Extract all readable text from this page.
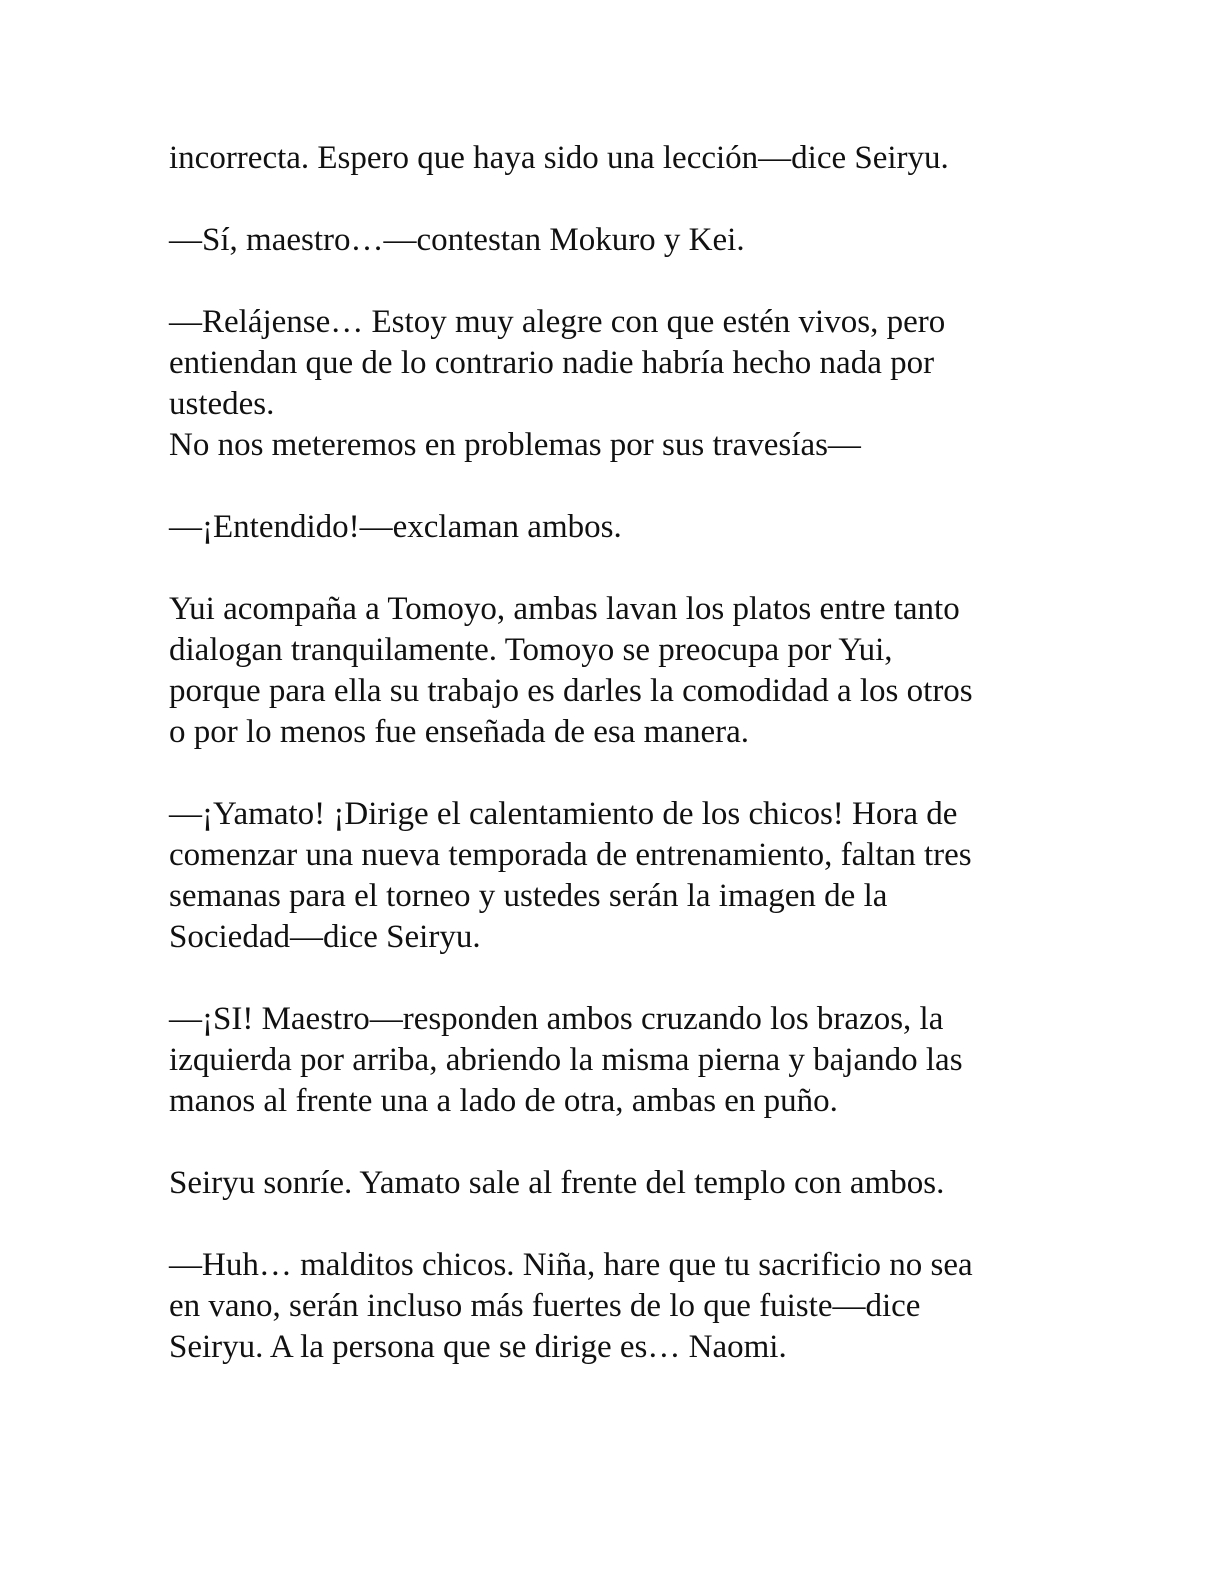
incorrecta. Espero que haya sido una lección—dice Seiryu.

—Sí, maestro…—contestan Mokuro y Kei.

—Relájense… Estoy muy alegre con que estén vivos, pero
entiendan que de lo contrario nadie habría hecho nada por
ustedes.
No nos meteremos en problemas por sus travesías—

—¡Entendido!—exclaman ambos.

Yui acompaña a Tomoyo, ambas lavan los platos entre tanto
dialogan tranquilamente. Tomoyo se preocupa por Yui,
porque para ella su trabajo es darles la comodidad a los otros
o por lo menos fue enseñada de esa manera.

—¡Yamato! ¡Dirige el calentamiento de los chicos! Hora de
comenzar una nueva temporada de entrenamiento, faltan tres
semanas para el torneo y ustedes serán la imagen de la
Sociedad—dice Seiryu.

—¡SI! Maestro—responden ambos cruzando los brazos, la
izquierda por arriba, abriendo la misma pierna y bajando las
manos al frente una a lado de otra, ambas en puño.

Seiryu sonríe. Yamato sale al frente del templo con ambos.

—Huh… malditos chicos. Niña, hare que tu sacrificio no sea
en vano, serán incluso más fuertes de lo que fuiste—dice
Seiryu. A la persona que se dirige es… Naomi.
